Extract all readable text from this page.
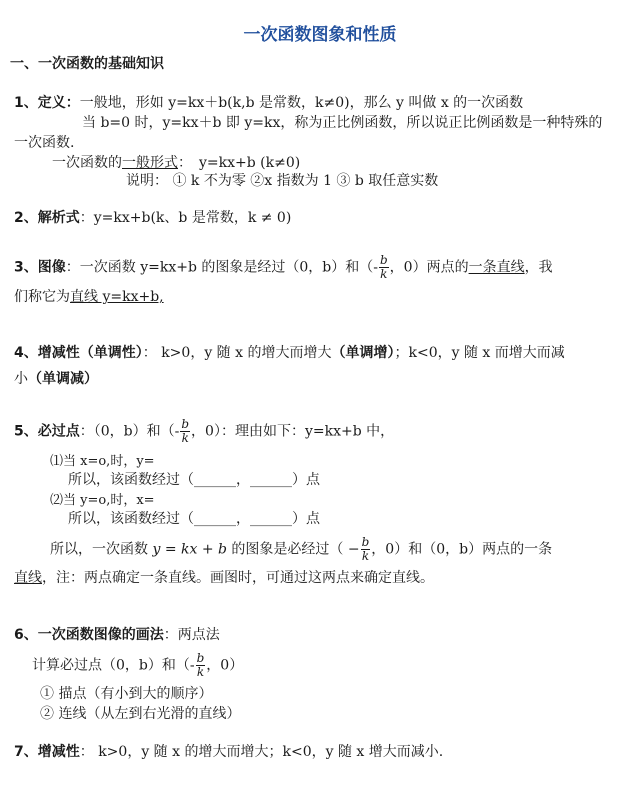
一次函数图象和性质
一、一次函数的基础知识
1、定义：一般地，形如 y=kx＋b(k,b 是常数，k≠0)，那么 y 叫做 x 的一次函数
当 b=0 时，y=kx＋b 即 y=kx，称为正比例函数，所以说正比例函数是一种特殊的
一次函数.
一次函数的一般形式：　y=kx+b (k≠0)
说明： ① k 不为零 ②x 指数为 1 ③ b 取任意实数
2、解析式：y=kx+b(k、b 是常数，k ≠ 0)
3、图像：一次函数 y=kx+b 的图象是经过（0，b）和（- $\frac{b}{k}$ ，0）两点的一条直线，我
们称它为直线 y=kx+b,
4、增减性（单调性）： k>0，y 随 x 的增大而增大（单调增）；k<0，y 随 x 而增大而减
小（单调减）
5、必过点：（0，b）和（- $\frac{b}{k}$ ，0）：理由如下：y=kx+b 中，
⑴当 x=o,时，y=
所以，该函数经过（______，______）点
⑵当 y=o,时，x=
所以，该函数经过（______，______）点
所以，一次函数 y = kx + b 的图象是必经过（ − $\frac{b}{k}$ ，0）和（0，b）两点的一条
直线，注：两点确定一条直线。画图时，可通过这两点来确定直线。
6、一次函数图像的画法：两点法
计算必过点（0，b）和（- $\frac{b}{k}$ ，0）
① 描点（有小到大的顺序）
② 连线（从左到右光滑的直线）
7、增减性： k>0，y 随 x 的增大而增大；k<0，y 随 x 增大而减小.
